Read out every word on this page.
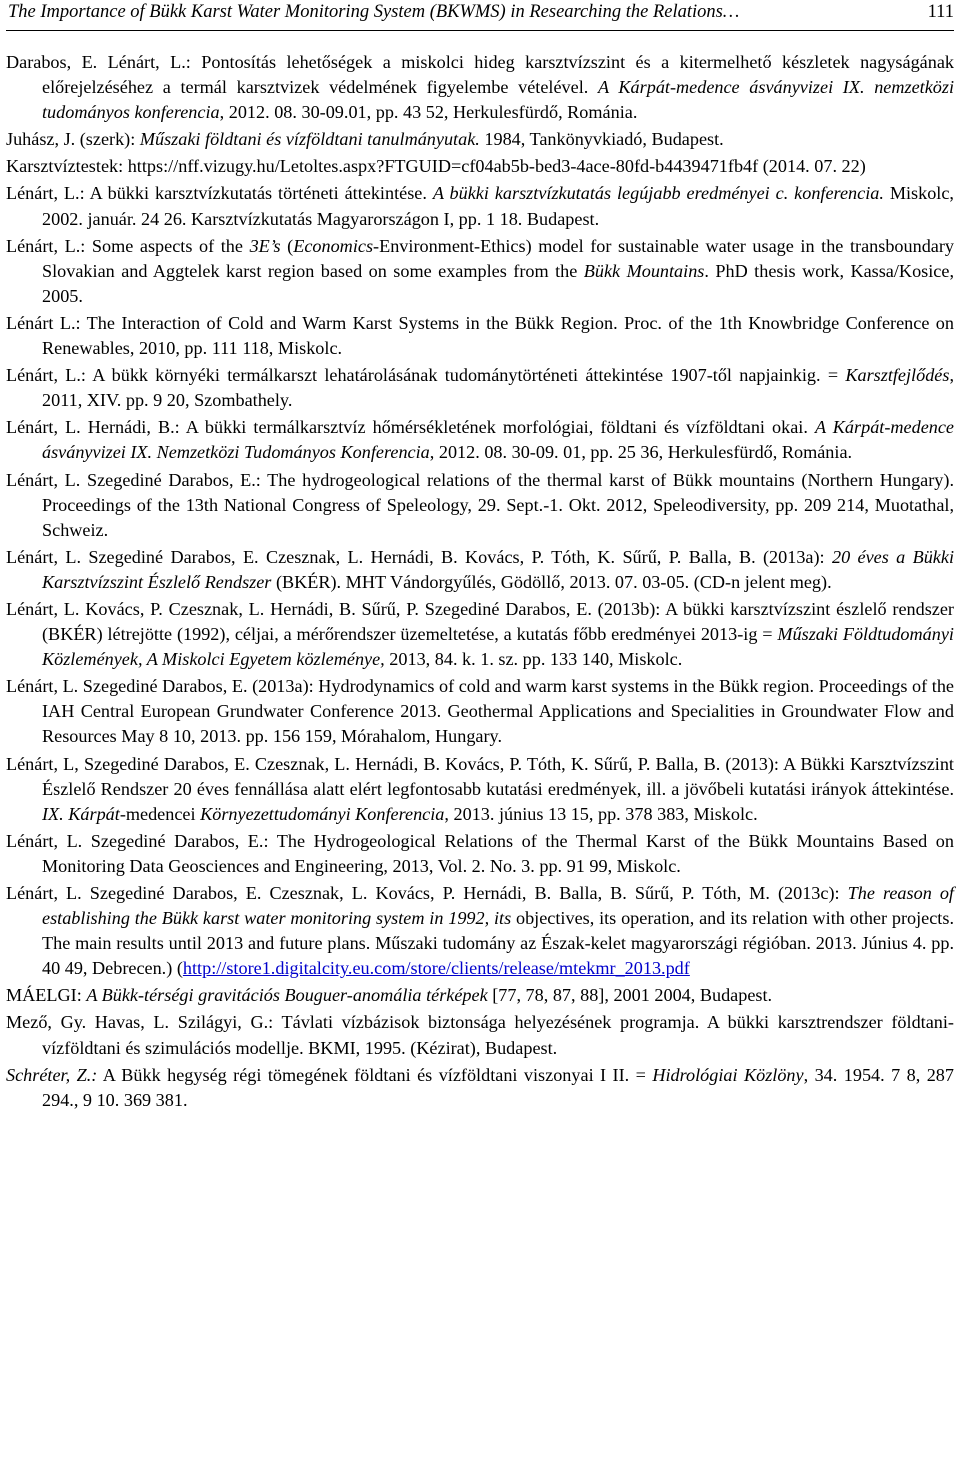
The Importance of Bükk Karst Water Monitoring System (BKWMS) in Researching the Relations…	111

Darabos, E. Lénárt, L.: Pontosítás lehetőségek a miskolci hideg karsztvízszint és a kitermelhető készletek nagyságának előrejelzéséhez a termál karsztvizek védelmének figyelembe vételével. A Kárpát-medence ásványvizei IX. nemzetközi tudományos konferencia, 2012. 08. 30-09.01, pp. 43 52, Herkulesfürdő, Románia.

Juhász, J. (szerk): Műszaki földtani és vízföldtani tanulmányutak. 1984, Tankönyvkiadó, Budapest.

Karsztvíztestek: https://nff.vizugy.hu/Letoltes.aspx?FTGUID=cf04ab5b-bed3-4ace-80fd-b4439471fb4f (2014. 07. 22)

Lénárt, L.: A bükki karsztvízkutatás történeti áttekintése. A bükki karsztvízkutatás legújabb eredményei c. konferencia. Miskolc, 2002. január. 24 26. Karsztvízkutatás Magyarországon I, pp. 1 18. Budapest.

Lénárt, L.: Some aspects of the 3E’s (Economics-Environment-Ethics) model for sustainable water usage in the transboundary Slovakian and Aggtelek karst region based on some examples from the Bükk Mountains. PhD thesis work, Kassa/Kosice, 2005.

Lénárt L.: The Interaction of Cold and Warm Karst Systems in the Bükk Region. Proc. of the 1th Knowbridge Conference on Renewables, 2010, pp. 111 118, Miskolc.

Lénárt, L.: A bükk környéki termálkarszt lehatárolásának tudománytörténeti áttekintése 1907-től napjainkig. = Karsztfejlődés, 2011, XIV. pp. 9 20, Szombathely.

Lénárt, L. Hernádi, B.: A bükki termálkarsztvíz hőmérsékletének morfológiai, földtani és vízföldtani okai. A Kárpát-medence ásványvizei IX. Nemzetközi Tudományos Konferencia, 2012. 08. 30-09. 01, pp. 25 36, Herkulesfürdő, Románia.

Lénárt, L. Szegediné Darabos, E.: The hydrogeological relations of the thermal karst of Bükk mountains (Northern Hungary). Proceedings of the 13th National Congress of Speleology, 29. Sept.-1. Okt. 2012, Speleodiversity, pp. 209 214, Muotathal, Schweiz.

Lénárt, L. Szegediné Darabos, E. Czesznak, L. Hernádi, B. Kovács, P. Tóth, K. Sűrű, P. Balla, B. (2013a): 20 éves a Bükki Karsztvízszint Észlelő Rendszer (BKÉR). MHT Vándorgyűlés, Gödöllő, 2013. 07. 03-05. (CD-n jelent meg).

Lénárt, L. Kovács, P. Czesznak, L. Hernádi, B. Sűrű, P. Szegediné Darabos, E. (2013b): A bükki karsztvízszint észlelő rendszer (BKÉR) létrejötte (1992), céljai, a mérőrendszer üzemeltetése, a kutatás főbb eredményei 2013-ig = Műszaki Földtudományi Közlemények, A Miskolci Egyetem közleménye, 2013, 84. k. 1. sz. pp. 133 140, Miskolc.

Lénárt, L. Szegediné Darabos, E. (2013a): Hydrodynamics of cold and warm karst systems in the Bükk region. Proceedings of the IAH Central European Grundwater Conference 2013. Geothermal Applications and Specialities in Groundwater Flow and Resources May 8 10, 2013. pp. 156 159, Mórahalom, Hungary.

Lénárt, L, Szegediné Darabos, E. Czesznak, L. Hernádi, B. Kovács, P. Tóth, K. Sűrű, P. Balla, B. (2013): A Bükki Karsztvízszint Észlelő Rendszer 20 éves fennállása alatt elért legfontosabb kutatási eredmények, ill. a jövőbeli kutatási irányok áttekintése. IX. Kárpát-medencei Környezettudományi Konferencia, 2013. június 13 15, pp. 378 383, Miskolc.

Lénárt, L. Szegediné Darabos, E.: The Hydrogeological Relations of the Thermal Karst of the Bükk Mountains Based on Monitoring Data Geosciences and Engineering, 2013, Vol. 2. No. 3. pp. 91 99, Miskolc.

Lénárt, L. Szegediné Darabos, E. Czesznak, L. Kovács, P. Hernádi, B. Balla, B. Sűrű, P. Tóth, M. (2013c): The reason of establishing the Bükk karst water monitoring system in 1992, its objectives, its operation, and its relation with other projects. The main results until 2013 and future plans. Műszaki tudomány az Észak-kelet magyarországi régióban. 2013. Június 4. pp. 40 49, Debrecen.) (http://store1.digitalcity.eu.com/store/clients/release/mtekmr_2013.pdf

MÁELGI: A Bükk-térségi gravitációs Bouguer-anomália térképek [77, 78, 87, 88], 2001 2004, Budapest.

Mező, Gy. Havas, L. Szilágyi, G.: Távlati vízbázisok biztonsága helyezésének programja. A bükki karsztrendszer földtani-vízföldtani és szimulációs modellje. BKMI, 1995. (Kézirat), Budapest.

Schréter, Z.: A Bükk hegység régi tömegének földtani és vízföldtani viszonyai I II. = Hidrológiai Közlöny, 34. 1954. 7 8, 287 294., 9 10. 369 381.
